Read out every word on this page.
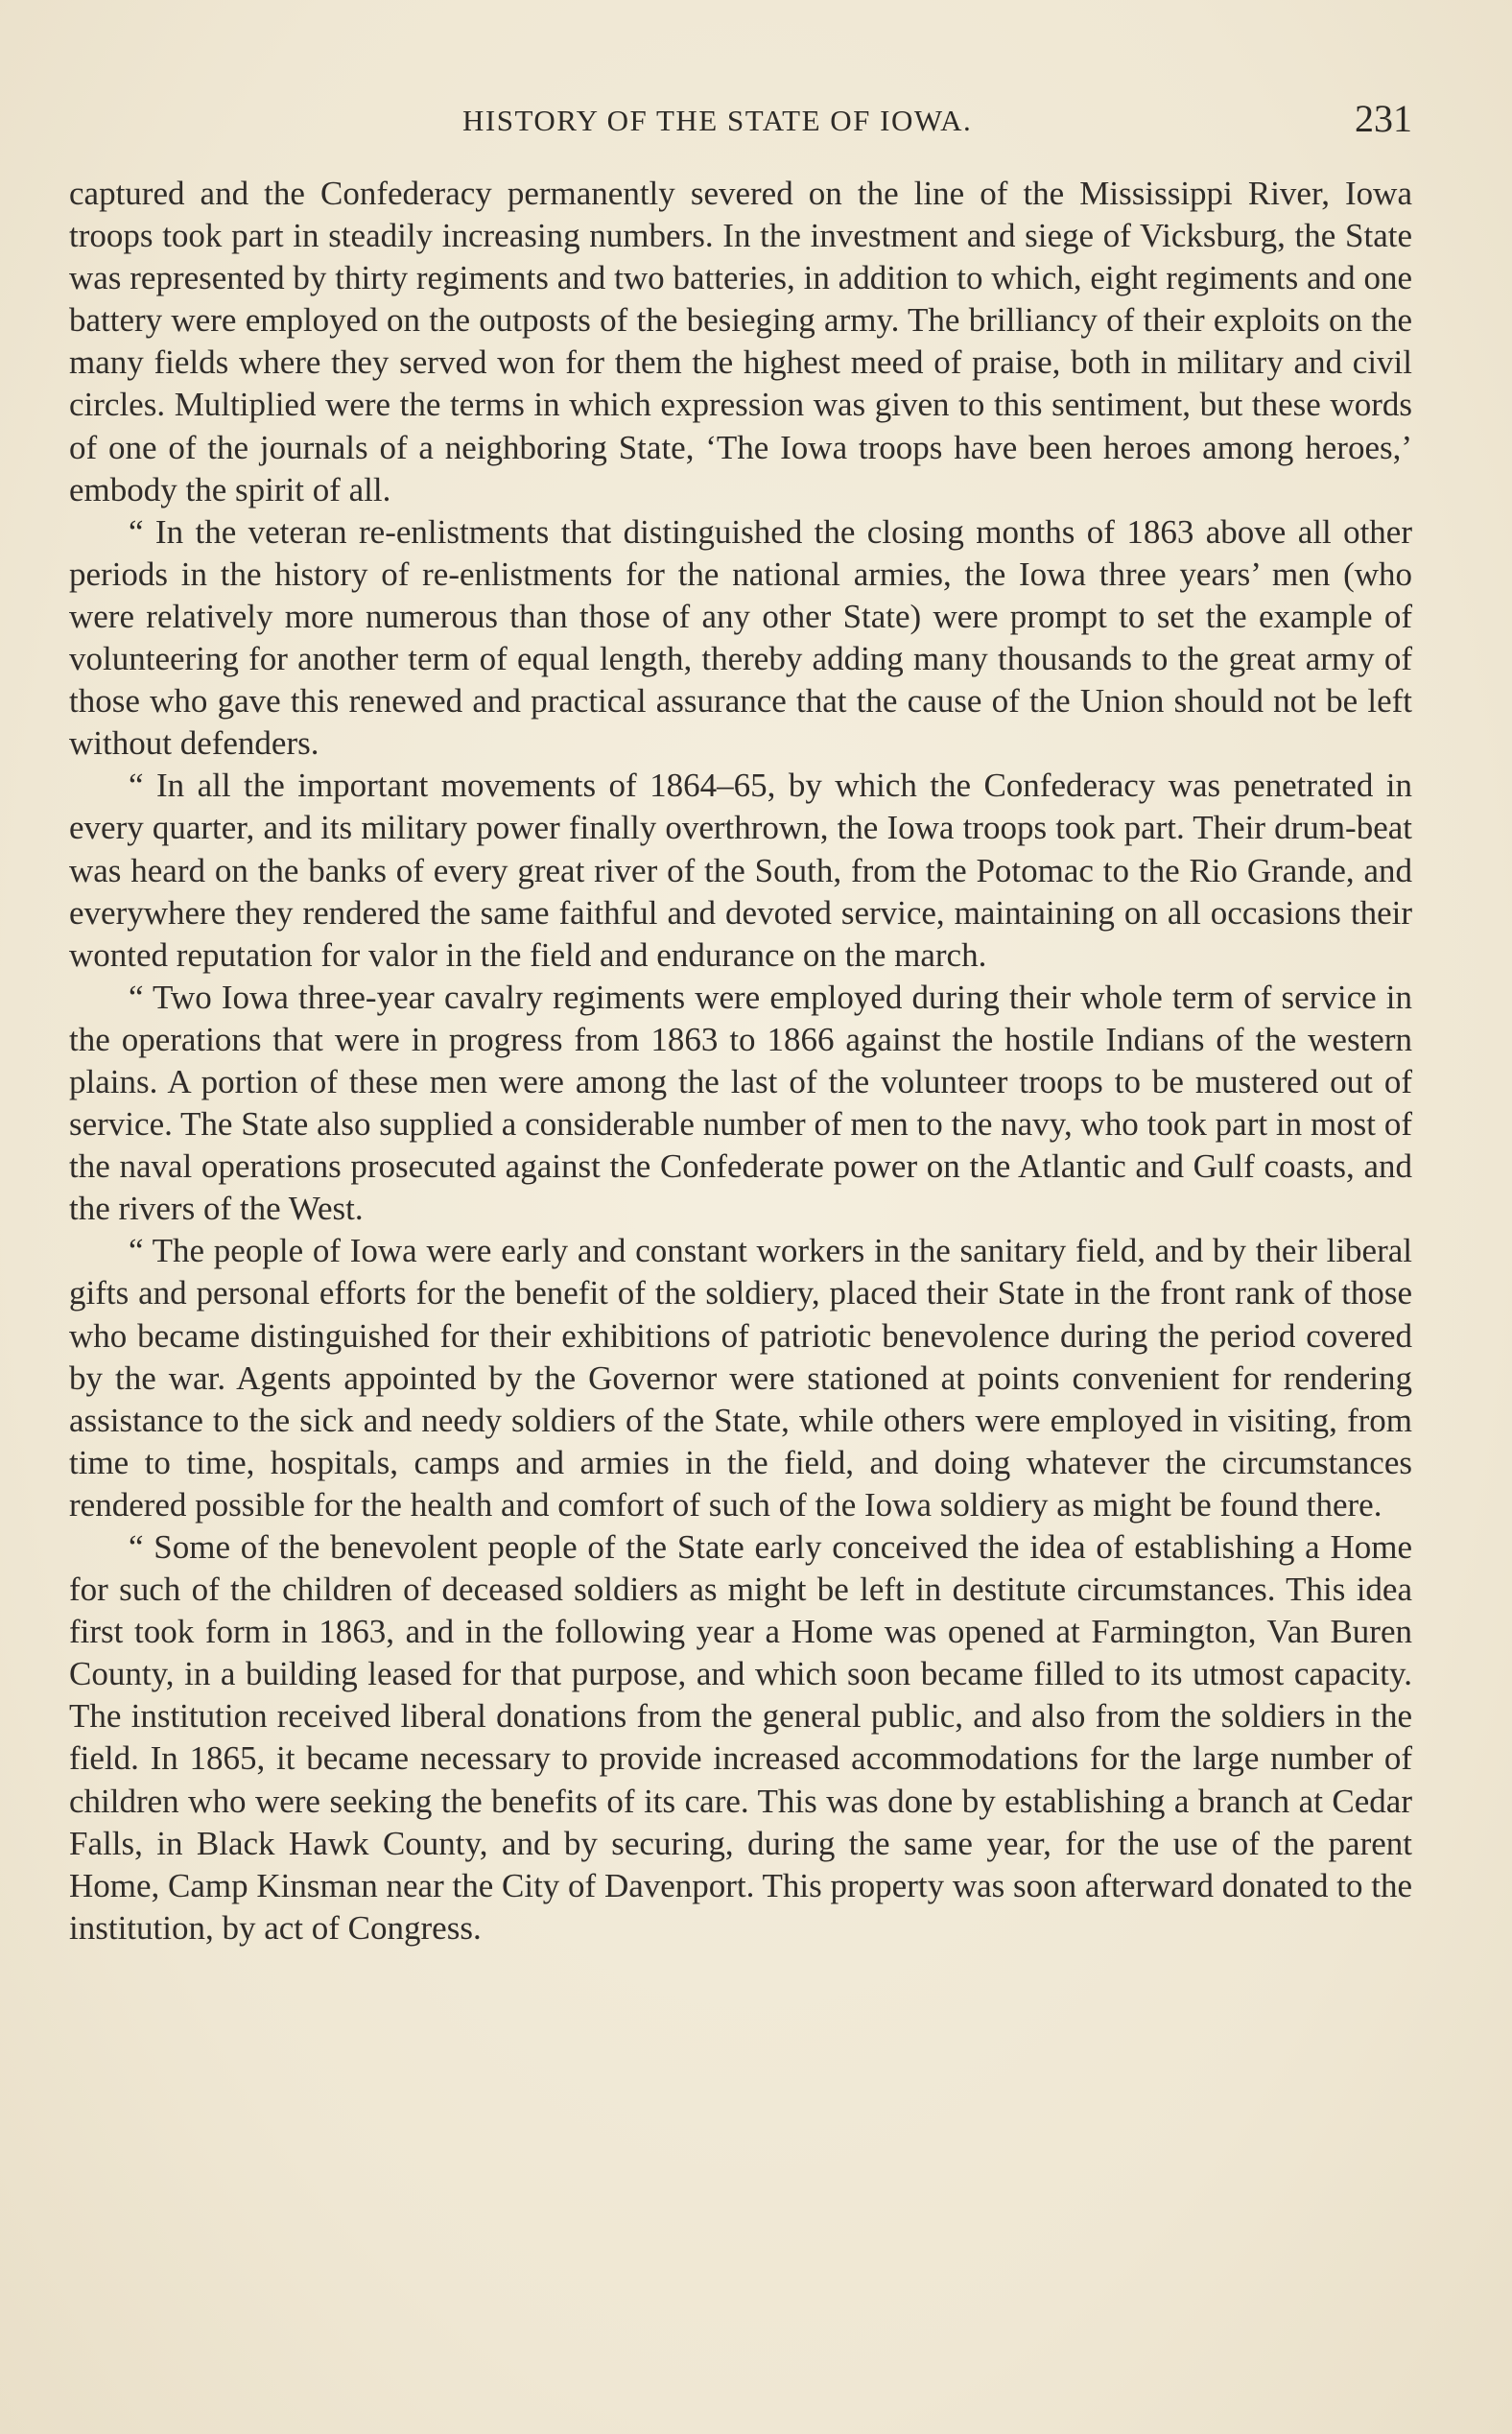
HISTORY OF THE STATE OF IOWA.	231

captured and the Confederacy permanently severed on the line of the Mississippi River, Iowa troops took part in steadily increasing numbers. In the investment and siege of Vicksburg, the State was represented by thirty regiments and two batteries, in addition to which, eight regiments and one battery were employed on the outposts of the besieging army. The brilliancy of their exploits on the many fields where they served won for them the highest meed of praise, both in military and civil circles. Multiplied were the terms in which expression was given to this sentiment, but these words of one of the journals of a neighboring State, ‘The Iowa troops have been heroes among heroes,’ embody the spirit of all.

“ In the veteran re-enlistments that distinguished the closing months of 1863 above all other periods in the history of re-enlistments for the national armies, the Iowa three years’ men (who were relatively more numerous than those of any other State) were prompt to set the example of volunteering for another term of equal length, thereby adding many thousands to the great army of those who gave this renewed and practical assurance that the cause of the Union should not be left without defenders.

“ In all the important movements of 1864–65, by which the Confederacy was penetrated in every quarter, and its military power finally overthrown, the Iowa troops took part. Their drum-beat was heard on the banks of every great river of the South, from the Potomac to the Rio Grande, and everywhere they rendered the same faithful and devoted service, maintaining on all occasions their wonted reputation for valor in the field and endurance on the march.

“ Two Iowa three-year cavalry regiments were employed during their whole term of service in the operations that were in progress from 1863 to 1866 against the hostile Indians of the western plains. A portion of these men were among the last of the volunteer troops to be mustered out of service. The State also supplied a considerable number of men to the navy, who took part in most of the naval operations prosecuted against the Confederate power on the Atlantic and Gulf coasts, and the rivers of the West.

“ The people of Iowa were early and constant workers in the sanitary field, and by their liberal gifts and personal efforts for the benefit of the soldiery, placed their State in the front rank of those who became distinguished for their exhibitions of patriotic benevolence during the period covered by the war. Agents appointed by the Governor were stationed at points convenient for rendering assistance to the sick and needy soldiers of the State, while others were employed in visiting, from time to time, hospitals, camps and armies in the field, and doing whatever the circumstances rendered possible for the health and comfort of such of the Iowa soldiery as might be found there.

“ Some of the benevolent people of the State early conceived the idea of establishing a Home for such of the children of deceased soldiers as might be left in destitute circumstances. This idea first took form in 1863, and in the following year a Home was opened at Farmington, Van Buren County, in a building leased for that purpose, and which soon became filled to its utmost capacity. The institution received liberal donations from the general public, and also from the soldiers in the field. In 1865, it became necessary to provide increased accommodations for the large number of children who were seeking the benefits of its care. This was done by establishing a branch at Cedar Falls, in Black Hawk County, and by securing, during the same year, for the use of the parent Home, Camp Kinsman near the City of Davenport. This property was soon afterward donated to the institution, by act of Congress.
